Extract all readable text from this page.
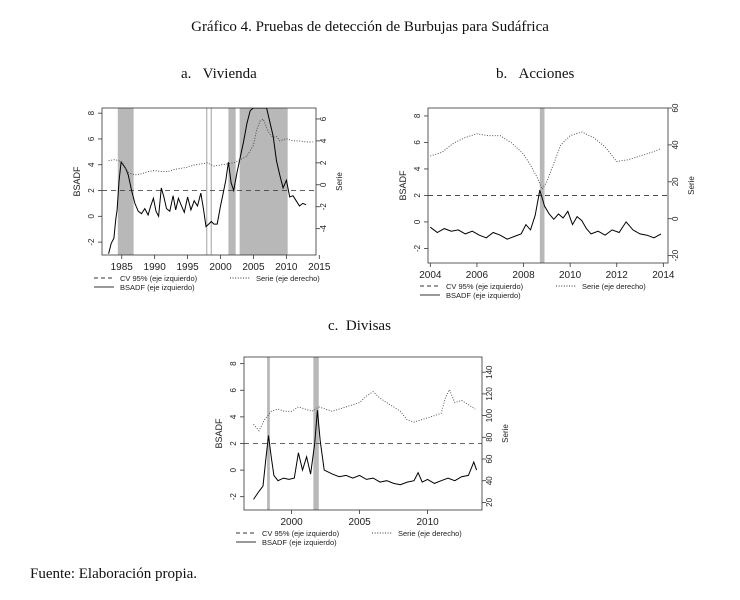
Gráfico 4. Pruebas de detección de Burbujas para Sudáfrica
a. Vivienda	b. Acciones
c. Divisas
1985 1990 1995 2000 2005 2010 2015
-2
0
2
4
6
8
-4
-2
0
2
4
6
BSADF	Serie
CV 95% (eje izquierdo)	Serie (eje derecho)
BSADF (eje izquierdo)
2004 2006 2008 2010 2012 2014
-2
0
2
4
6
8
-20
0
20
40
60
BSADF	Serie
CV 95% (eje izquierdo)	Serie (eje derecho)
BSADF (eje izquierdo)
2000	2005	2010
-2
0
2
4
6
8
20
40
60
80
100
120
140
BSADF	Serie
CV 95% (eje izquierdo)	Serie (eje derecho)
BSADF (eje izquierdo)
Fuente: Elaboración propia.
